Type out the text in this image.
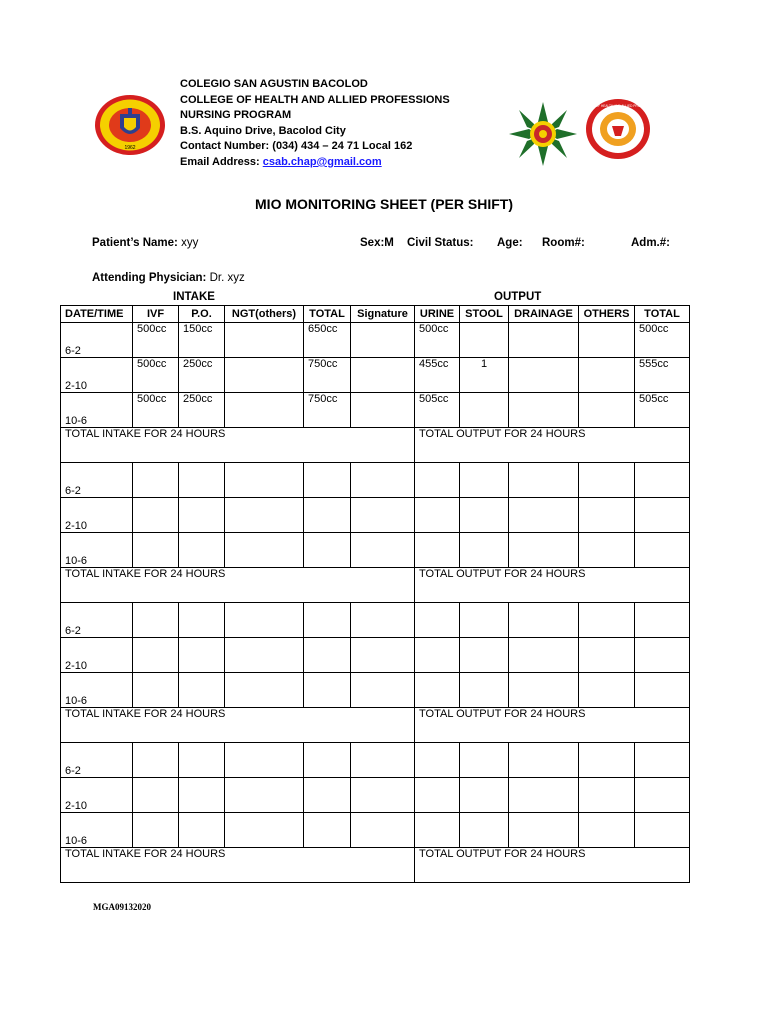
1962
COLEGIO SAN AGUSTIN BACOLOD
COLLEGE OF HEALTH AND ALLIED PROFESSIONS
NURSING PROGRAM
B.S. Aquino Drive, Bacolod City
Contact Number: (034) 434 – 24 71 Local 162
Email Address: csab.chap@gmail.com
COLLEGE OF HEALTH AND ALLIED PROFESSIONS
MIO MONITORING SHEET (PER SHIFT)
Patient’s Name: xyy	Sex:M Civil Status: Age: Room#:	Adm.#:
Attending Physician: Dr. xyz
INTAKE	OUTPUT
DATE/TIME	IVF	P.O.	NGT(others)	TOTAL	Signature	URINE	STOOL	DRAINAGE	OTHERS	TOTAL
6-2	500cc	150cc		650cc		500cc				500cc
2-10	500cc	250cc		750cc		455cc	1			555cc
10-6	500cc	250cc		750cc		505cc				505cc
TOTAL INTAKE FOR 24 HOURS						TOTAL OUTPUT FOR 24 HOURS				
6-2										
2-10										
10-6										
TOTAL INTAKE FOR 24 HOURS						TOTAL OUTPUT FOR 24 HOURS				
6-2										
2-10										
10-6										
TOTAL INTAKE FOR 24 HOURS						TOTAL OUTPUT FOR 24 HOURS				
6-2										
2-10										
10-6										
TOTAL INTAKE FOR 24 HOURS						TOTAL OUTPUT FOR 24 HOURS				
MGA09132020
